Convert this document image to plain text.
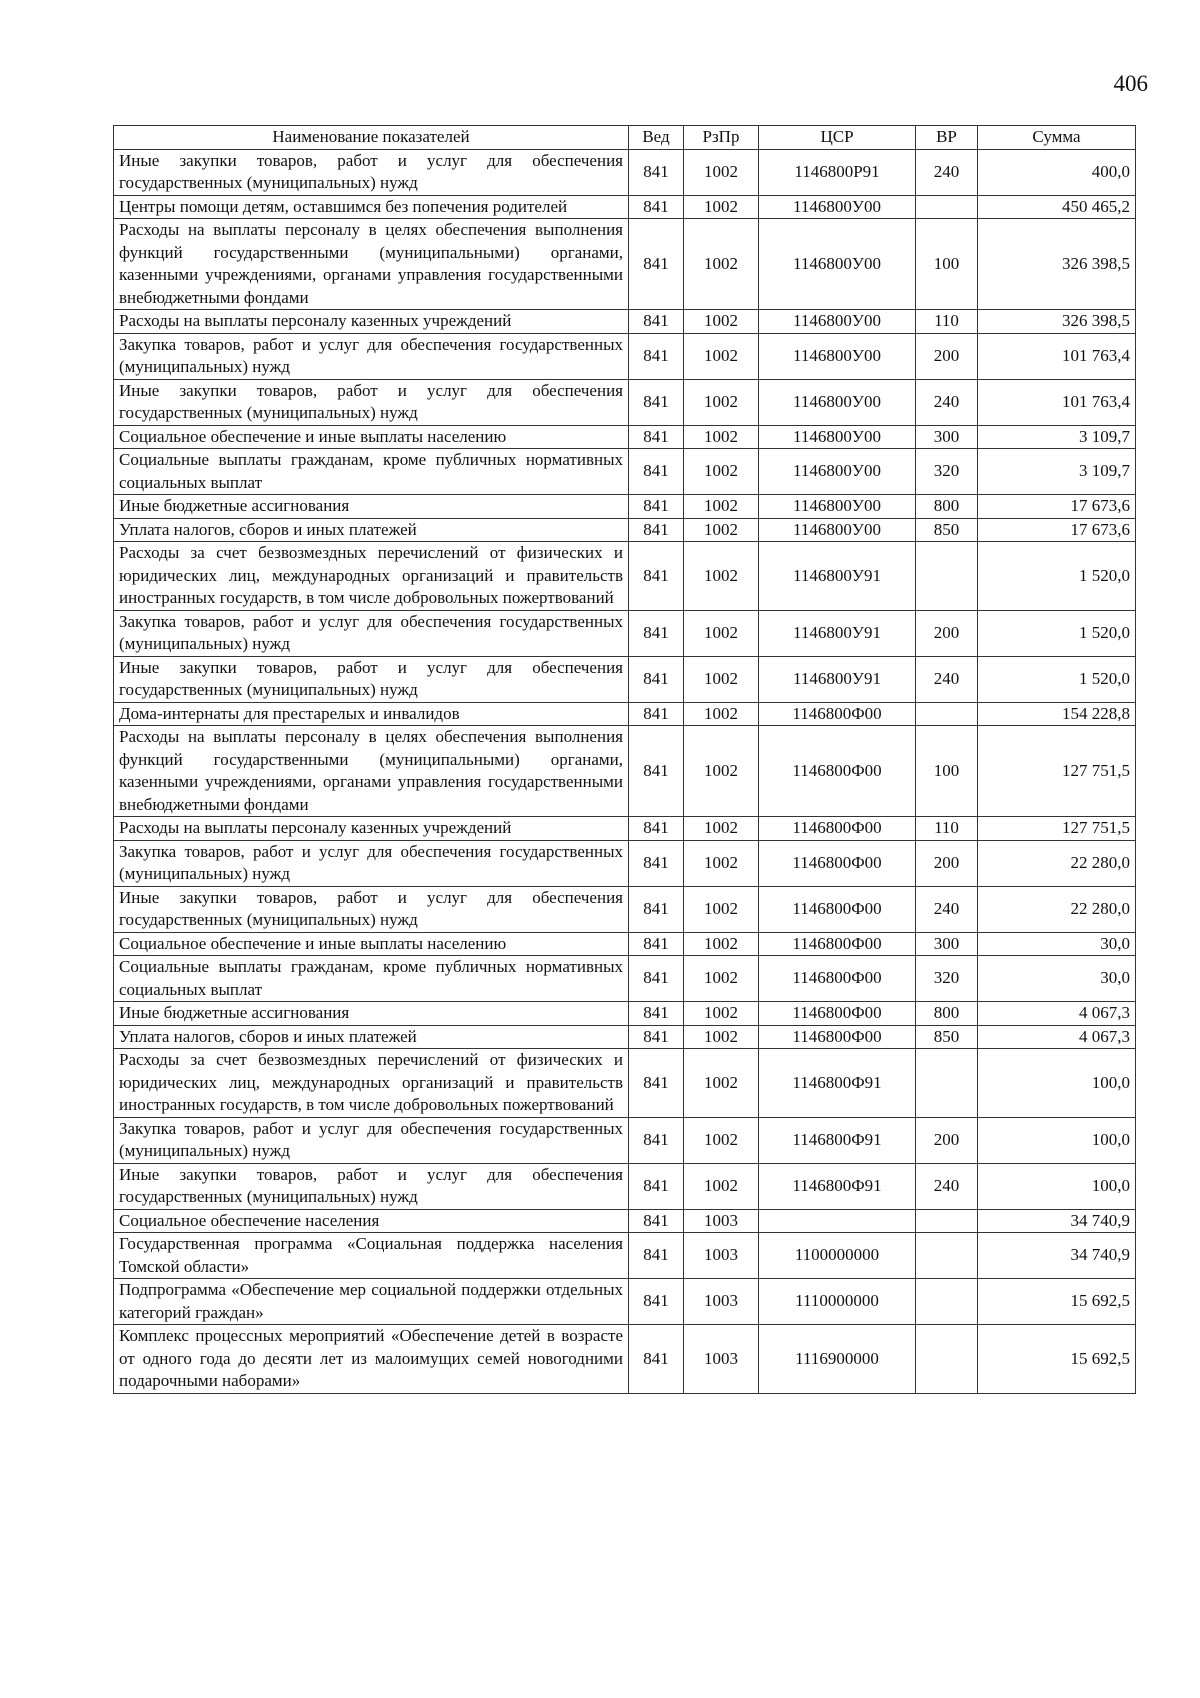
406
Наименование показателей	Вед	РзПр	ЦСР	ВР	Сумма
Иные закупки товаров, работ и услуг для обеспечения государственных (муниципальных) нужд	841	1002	1146800Р91	240	400,0
Центры помощи детям, оставшимся без попечения родителей	841	1002	1146800У00		450 465,2
Расходы на выплаты персоналу в целях обеспечения выполнения функций государственными (муниципальными) органами, казенными учреждениями, органами управления государственными внебюджетными фондами	841	1002	1146800У00	100	326 398,5
Расходы на выплаты персоналу казенных учреждений	841	1002	1146800У00	110	326 398,5
Закупка товаров, работ и услуг для обеспечения государственных (муниципальных) нужд	841	1002	1146800У00	200	101 763,4
Иные закупки товаров, работ и услуг для обеспечения государственных (муниципальных) нужд	841	1002	1146800У00	240	101 763,4
Социальное обеспечение и иные выплаты населению	841	1002	1146800У00	300	3 109,7
Социальные выплаты гражданам, кроме публичных нормативных социальных выплат	841	1002	1146800У00	320	3 109,7
Иные бюджетные ассигнования	841	1002	1146800У00	800	17 673,6
Уплата налогов, сборов и иных платежей	841	1002	1146800У00	850	17 673,6
Расходы за счет безвозмездных перечислений от физических и юридических лиц, международных организаций и правительств иностранных государств, в том числе добровольных пожертвований	841	1002	1146800У91		1 520,0
Закупка товаров, работ и услуг для обеспечения государственных (муниципальных) нужд	841	1002	1146800У91	200	1 520,0
Иные закупки товаров, работ и услуг для обеспечения государственных (муниципальных) нужд	841	1002	1146800У91	240	1 520,0
Дома-интернаты для престарелых и инвалидов	841	1002	1146800Ф00		154 228,8
Расходы на выплаты персоналу в целях обеспечения выполнения функций государственными (муниципальными) органами, казенными учреждениями, органами управления государственными внебюджетными фондами	841	1002	1146800Ф00	100	127 751,5
Расходы на выплаты персоналу казенных учреждений	841	1002	1146800Ф00	110	127 751,5
Закупка товаров, работ и услуг для обеспечения государственных (муниципальных) нужд	841	1002	1146800Ф00	200	22 280,0
Иные закупки товаров, работ и услуг для обеспечения государственных (муниципальных) нужд	841	1002	1146800Ф00	240	22 280,0
Социальное обеспечение и иные выплаты населению	841	1002	1146800Ф00	300	30,0
Социальные выплаты гражданам, кроме публичных нормативных социальных выплат	841	1002	1146800Ф00	320	30,0
Иные бюджетные ассигнования	841	1002	1146800Ф00	800	4 067,3
Уплата налогов, сборов и иных платежей	841	1002	1146800Ф00	850	4 067,3
Расходы за счет безвозмездных перечислений от физических и юридических лиц, международных организаций и правительств иностранных государств, в том числе добровольных пожертвований	841	1002	1146800Ф91		100,0
Закупка товаров, работ и услуг для обеспечения государственных (муниципальных) нужд	841	1002	1146800Ф91	200	100,0
Иные закупки товаров, работ и услуг для обеспечения государственных (муниципальных) нужд	841	1002	1146800Ф91	240	100,0
Социальное обеспечение населения	841	1003			34 740,9
Государственная программа «Социальная поддержка населения Томской области»	841	1003	1100000000		34 740,9
Подпрограмма «Обеспечение мер социальной поддержки отдельных категорий граждан»	841	1003	1110000000		15 692,5
Комплекс процессных мероприятий «Обеспечение детей в возрасте от одного года до десяти лет из малоимущих семей новогодними подарочными наборами»	841	1003	1116900000		15 692,5
